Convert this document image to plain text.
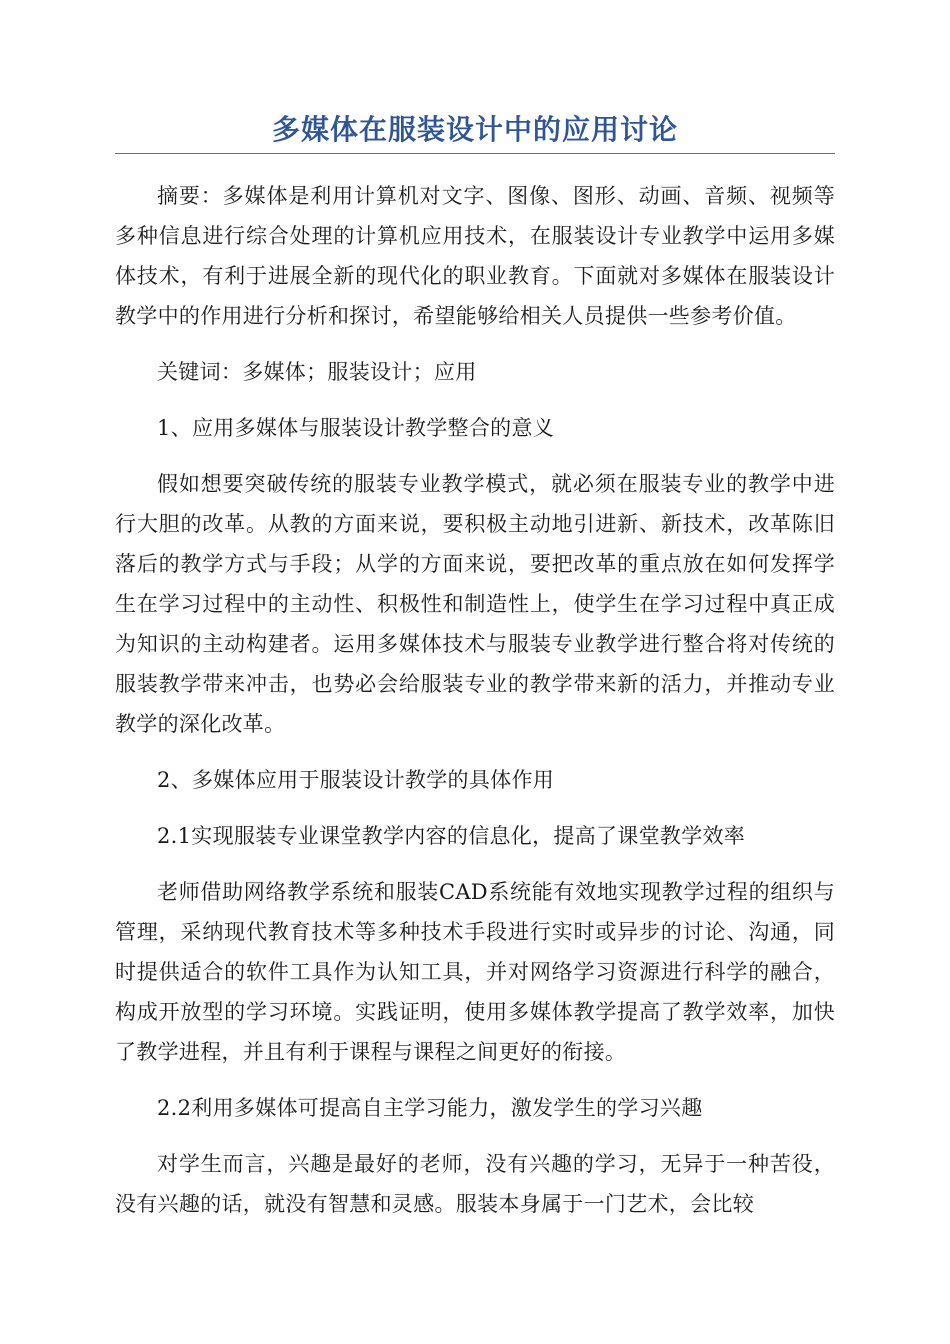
多媒体在服装设计中的应用讨论

摘要：多媒体是利用计算机对文字、图像、图形、动画、音频、视频等多种信息进行综合处理的计算机应用技术，在服装设计专业教学中运用多媒体技术，有利于进展全新的现代化的职业教育。下面就对多媒体在服装设计教学中的作用进行分析和探讨，希望能够给相关人员提供一些参考价值。

关键词：多媒体；服装设计；应用

1、应用多媒体与服装设计教学整合的意义

假如想要突破传统的服装专业教学模式，就必须在服装专业的教学中进行大胆的改革。从教的方面来说，要积极主动地引进新、新技术，改革陈旧落后的教学方式与手段；从学的方面来说，要把改革的重点放在如何发挥学生在学习过程中的主动性、积极性和制造性上，使学生在学习过程中真正成为知识的主动构建者。运用多媒体技术与服装专业教学进行整合将对传统的服装教学带来冲击，也势必会给服装专业的教学带来新的活力，并推动专业教学的深化改革。

2、多媒体应用于服装设计教学的具体作用

2.1实现服装专业课堂教学内容的信息化，提高了课堂教学效率

老师借助网络教学系统和服装CAD系统能有效地实现教学过程的组织与管理，采纳现代教育技术等多种技术手段进行实时或异步的讨论、沟通，同时提供适合的软件工具作为认知工具，并对网络学习资源进行科学的融合，构成开放型的学习环境。实践证明，使用多媒体教学提高了教学效率，加快了教学进程，并且有利于课程与课程之间更好的衔接。

2.2利用多媒体可提高自主学习能力，激发学生的学习兴趣

对学生而言，兴趣是最好的老师，没有兴趣的学习，无异于一种苦役，没有兴趣的话，就没有智慧和灵感。服装本身属于一门艺术，会比较
